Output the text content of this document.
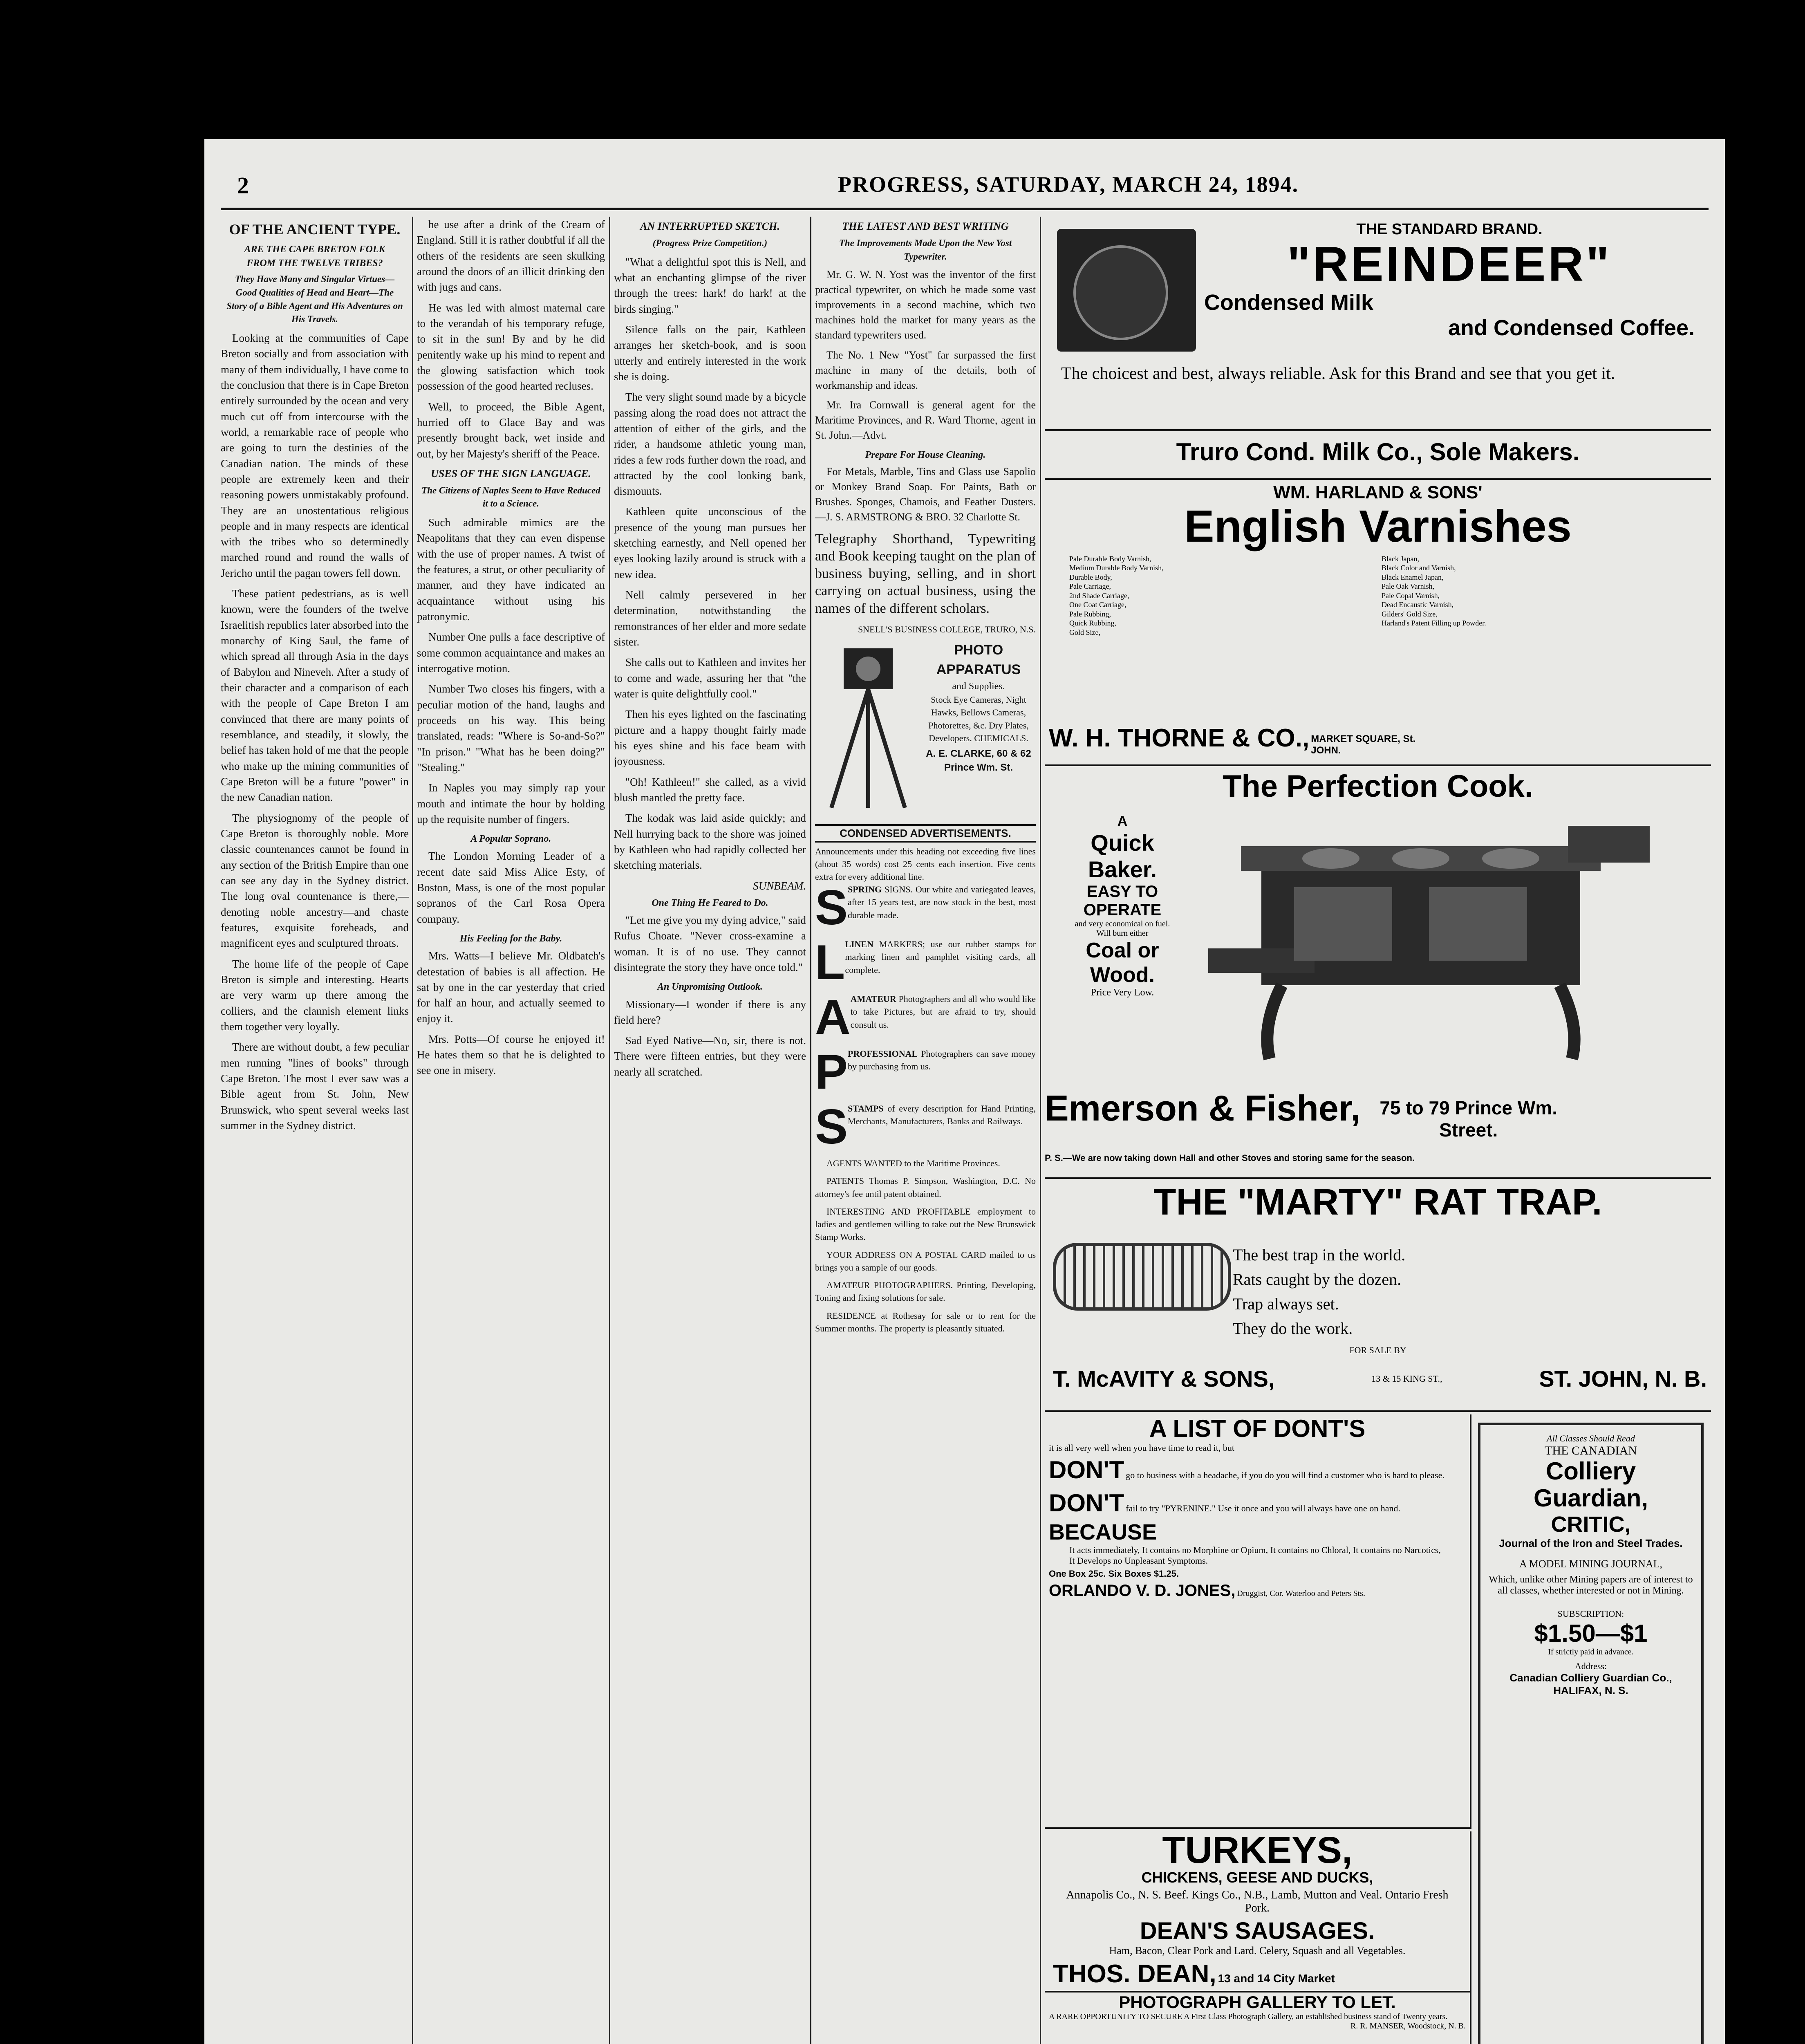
2	PROGRESS, SATURDAY, MARCH 24, 1894.
OF THE ANCIENT TYPE.
ARE THE CAPE BRETON FOLK FROM THE TWELVE TRIBES?
They Have Many and Singular Virtues—Good Qualities of Head and Heart—The Story of a Bible Agent and His Adventures on His Travels.

Looking at the communities of Cape Breton socially and from association with many of them individually, I have come to the conclusion that there is in Cape Breton entirely surrounded by the ocean and very much cut off from intercourse with the world, a remarkable race of people who are going to turn the destinies of the Canadian nation. The minds of these people are extremely keen and their reasoning powers unmistakably profound. They are an unostentatious religious people and in many respects are identical with the tribes who so determinedly marched round and round the walls of Jericho until the pagan towers fell down.

These patient pedestrians, as is well known, were the founders of the twelve Israelitish republics later absorbed into the monarchy of King Saul, the fame of which spread all through Asia in the days of Babylon and Nineveh. After a study of their character and a comparison of each with the people of Cape Breton I am convinced that there are many points of resemblance, and steadily, it slowly, the belief has taken hold of me that the people who make up the mining communities of Cape Breton will be a future "power" in the new Canadian nation.

The physiognomy of the people of Cape Breton is thoroughly noble. More classic countenances cannot be found in any section of the British Empire than one can see any day in the Sydney district. The long oval countenance is there,—denoting noble ancestry—and chaste features, exquisite foreheads, and magnificent eyes and sculptured throats.

The home life of the people of Cape Breton is simple and interesting. Hearts are very warm up there among the colliers, and the clannish element links them together very loyally.

There are without doubt, a few peculiar men running "lines of books" through Cape Breton. The most I ever saw was a Bible agent from St. John, New Brunswick, who spent several weeks last summer in the Sydney district.

he use after a drink of the Cream of England. Still it is rather doubtful if all the others of the residents are seen skulking around the doors of an illicit drinking den with jugs and cans.

He was led with almost maternal care to the verandah of his temporary refuge, to sit in the sun! By and by he did penitently wake up his mind to repent and the glowing satisfaction which took possession of the good hearted recluses.

Well, to proceed, the Bible Agent, hurried off to Glace Bay and was presently brought back, wet inside and out, by her Majesty's sheriff of the Peace.

USES OF THE SIGN LANGUAGE.
The Citizens of Naples Seem to Have Reduced it to a Science.

Such admirable mimics are the Neapolitans that they can even dispense with the use of proper names. A twist of the features, a strut, or other peculiarity of manner, and they have indicated an acquaintance without using his patronymic.

Number One pulls a face descriptive of some common acquaintance and makes an interrogative motion.

Number Two closes his fingers, with a peculiar motion of the hand, laughs and proceeds on his way. This being translated, reads: "Where is So-and-So?" "In prison." "What has he been doing?" "Stealing."

In Naples you may simply rap your mouth and intimate the hour by holding up the requisite number of fingers.

A Popular Soprano.

The London Morning Leader of a recent date said Miss Alice Esty, of Boston, Mass, is one of the most popular sopranos of the Carl Rosa Opera company.

His Feeling for the Baby.

Mrs. Watts—I believe Mr. Oldbatch's detestation of babies is all affection. He sat by one in the car yesterday that cried for half an hour, and actually seemed to enjoy it.

Mrs. Potts—Of course he enjoyed it! He hates them so that he is delighted to see one in misery.

AN INTERRUPTED SKETCH.
(Progress Prize Competition.)

"What a delightful spot this is Nell, and what an enchanting glimpse of the river through the trees: hark! do hark! at the birds singing."

Silence falls on the pair, Kathleen arranges her sketch-book, and is soon utterly and entirely interested in the work she is doing.

The very slight sound made by a bicycle passing along the road does not attract the attention of either of the girls, and the rider, a handsome athletic young man, rides a few rods further down the road, and attracted by the cool looking bank, dismounts.

Kathleen quite unconscious of the presence of the young man pursues her sketching earnestly, and Nell opened her eyes looking lazily around is struck with a new idea.

Nell calmly persevered in her determination, notwithstanding the remonstrances of her elder and more sedate sister.

She calls out to Kathleen and invites her to come and wade, assuring her that "the water is quite delightfully cool."

Then his eyes lighted on the fascinating picture and a happy thought fairly made his eyes shine and his face beam with joyousness.

"Oh! Kathleen!" she called, as a vivid blush mantled the pretty face.

The kodak was laid aside quickly; and Nell hurrying back to the shore was joined by Kathleen who had rapidly collected her sketching materials.

SUNBEAM.
One Thing He Feared to Do.

"Let me give you my dying advice," said Rufus Choate. "Never cross-examine a woman. It is of no use. They cannot disintegrate the story they have once told."

An Unpromising Outlook.

Missionary—I wonder if there is any field here?

Sad Eyed Native—No, sir, there is not. There were fifteen entries, but they were nearly all scratched.

THE LATEST AND BEST WRITING
The Improvements Made Upon the New Yost Typewriter.

Mr. G. W. N. Yost was the inventor of the first practical typewriter, on which he made some vast improvements in a second machine, which two machines hold the market for many years as the standard typewriters used.

The No. 1 New "Yost" far surpassed the first machine in many of the details, both of workmanship and ideas.

Mr. Ira Cornwall is general agent for the Maritime Provinces, and R. Ward Thorne, agent in St. John.—Advt.

Prepare For House Cleaning.

For Metals, Marble, Tins and Glass use Sapolio or Monkey Brand Soap. For Paints, Bath or Brushes. Sponges, Chamois, and Feather Dusters.—J. S. ARMSTRONG & BRO. 32 Charlotte St.

Telegraphy Shorthand, Typewriting and Book keeping taught on the plan of business buying, selling, and in short carrying on actual business, using the names of the different scholars.
SNELL'S BUSINESS COLLEGE, TRURO, N.S.
PHOTO APPARATUS
and Supplies.
Stock Eye Cameras, Night Hawks, Bellows Cameras, Photorettes, &c. Dry Plates, Developers. CHEMICALS.
A. E. CLARKE, 60 & 62 Prince Wm. St.
CONDENSED ADVERTISEMENTS.
Announcements under this heading not exceeding five lines (about 35 words) cost 25 cents each insertion. Five cents extra for every additional line.
S SPRING SIGNS. Our white and variegated leaves, after 15 years test, are now stock in the best, most durable made.
L LINEN MARKERS; use our rubber stamps for marking linen and pamphlet visiting cards, all complete.
A AMATEUR Photographers and all who would like to take Pictures, but are afraid to try, should consult us.
P PROFESSIONAL Photographers can save money by purchasing from us.
S STAMPS of every description for Hand Printing, Merchants, Manufacturers, Banks and Railways.

AGENTS WANTED to the Maritime Provinces.

PATENTS Thomas P. Simpson, Washington, D.C. No attorney's fee until patent obtained.

INTERESTING AND PROFITABLE employment to ladies and gentlemen willing to take out the New Brunswick Stamp Works.

YOUR ADDRESS ON A POSTAL CARD mailed to us brings you a sample of our goods.

AMATEUR PHOTOGRAPHERS. Printing, Developing, Toning and fixing solutions for sale.

RESIDENCE at Rothesay for sale or to rent for the Summer months. The property is pleasantly situated.

THE STANDARD BRAND.
"REINDEER"
Condensed Milk
and Condensed Coffee.
The choicest and best, always reliable. Ask for this Brand and see that you get it.
Truro Cond. Milk Co., Sole Makers.
WM. HARLAND & SONS'
English Varnishes
Pale Durable Body Varnish,
Medium Durable Body Varnish,
Durable Body,
Pale Carriage,
2nd Shade Carriage,
One Coat Carriage,
Pale Rubbing,
Quick Rubbing,
Gold Size,
Black Japan,
Black Color and Varnish,
Black Enamel Japan,
Pale Oak Varnish,
Pale Copal Varnish,
Dead Encaustic Varnish,
Gilders' Gold Size,
Harland's Patent Filling up Powder.
W. H. THORNE & CO., MARKET SQUARE, St. JOHN.
The Perfection Cook.
A
Quick
Baker.
EASY TO
OPERATE
and very economical on fuel.
Will burn either
Coal or
Wood.
Price Very Low.
Emerson & Fisher, 75 to 79 Prince Wm. Street.
P. S.—We are now taking down Hall and other Stoves and storing same for the season.
THE "MARTY" RAT TRAP.
The best trap in the world.
Rats caught by the dozen.
Trap always set.
They do the work.
FOR SALE BY
T. McAVITY & SONS,	13 & 15 KING ST.,	ST. JOHN, N. B.
A LIST OF DONT'S
it is all very well when you have time to read it, but
DON'T go to business with a headache, if you do you will find a customer who is hard to please.
DON'T fail to try "PYRENINE." Use it once and you will always have one on hand.
BECAUSE
It acts immediately, It contains no Morphine or Opium, It contains no Chloral, It contains no Narcotics, It Develops no Unpleasant Symptoms.
One Box 25c. Six Boxes $1.25.
ORLANDO V. D. JONES, Druggist, Cor. Waterloo and Peters Sts.
TURKEYS,
CHICKENS, GEESE AND DUCKS,
Annapolis Co., N. S. Beef. Kings Co., N.B., Lamb, Mutton and Veal. Ontario Fresh Pork.
DEAN'S SAUSAGES.
Ham, Bacon, Clear Pork and Lard. Celery, Squash and all Vegetables.
THOS. DEAN, 13 and 14 City Market
PHOTOGRAPH GALLERY TO LET.
A RARE OPPORTUNITY TO SECURE A First Class Photograph Gallery, an established business stand of Twenty years.
R. R. MANSER, Woodstock, N. B.
All Classes Should Read
THE CANADIAN
Colliery Guardian,
CRITIC,
Journal of the Iron and Steel Trades.
A MODEL MINING JOURNAL,
Which, unlike other Mining papers are of interest to all classes, whether interested or not in Mining.
SUBSCRIPTION:
$1.50—$1
If strictly paid in advance.
Address:
Canadian Colliery Guardian Co.,
HALIFAX, N. S.
